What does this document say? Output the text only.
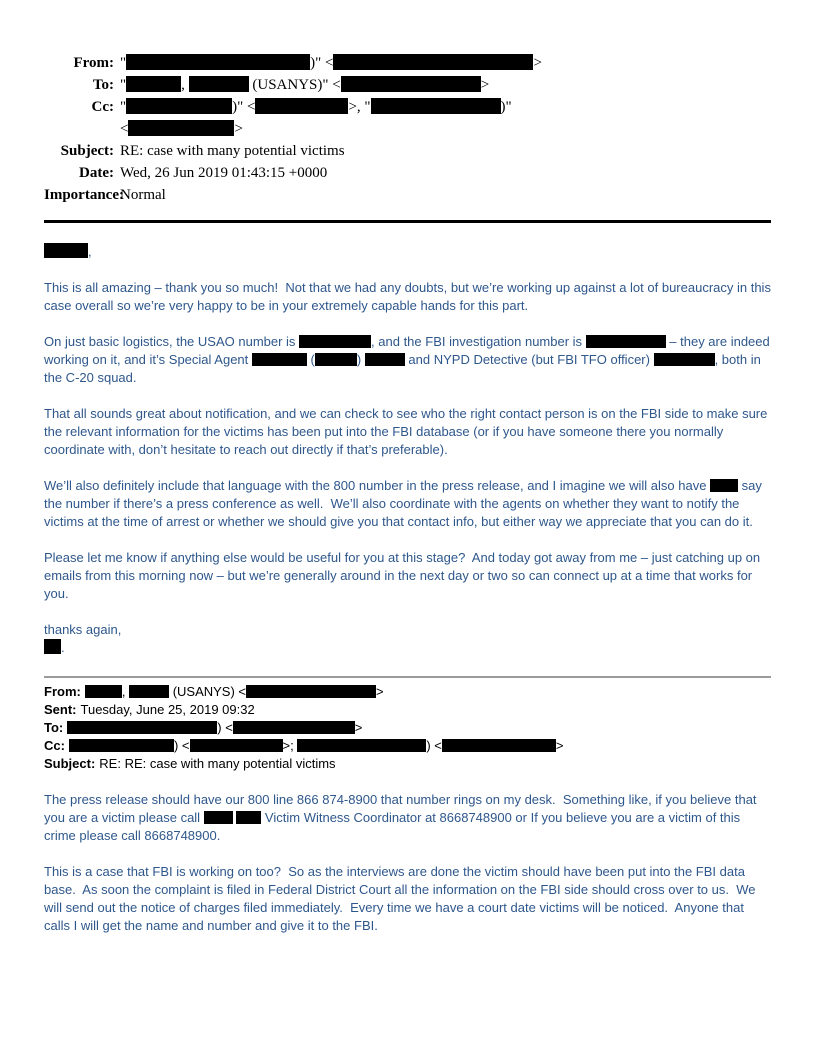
From: "	)" <	>
To: "	,	(USANYS)" <	>
Cc: "	)" <	>, "	)"
<	>
Subject: RE: case with many potential victims
Date: Wed, 26 Jun 2019 01:43:15 +0000
Importance:
Normal
,
This is all amazing – thank you so much!  Not that we had any doubts, but we’re working up against a lot of bureaucracy in this case overall so we’re very happy to be in your extremely capable hands for this part.
On just basic logistics, the USAO number is	, and the FBI investigation number is	– they are indeed working on it, and it’s Special Agent	(	)	and NYPD Detective (but FBI TFO officer)	, both in the C-20 squad.
That all sounds great about notification, and we can check to see who the right contact person is on the FBI side to make sure the relevant information for the victims has been put into the FBI database (or if you have someone there you normally coordinate with, don’t hesitate to reach out directly if that’s preferable).
We’ll also definitely include that language with the 800 number in the press release, and I imagine we will also have  say the number if there’s a press conference as well.  We’ll also coordinate with the agents on whether they want to notify the victims at the time of arrest or whether we should give you that contact info, but either way we appreciate that you can do it.
Please let me know if anything else would be useful for you at this stage?  And today got away from me – just catching up on emails from this morning now – but we’re generally around in the next day or two so can connect up at a time that works for you.
thanks again,
.
From:	,	(USANYS) <	>
Sent: Tuesday, June 25, 2019 09:32
To:	) <	>
Cc:	) <	>;	) <	>
Subject: RE: RE: case with many potential victims
The press release should have our 800 line 866 874-8900 that number rings on my desk.  Something like, if you believe that you are a victim please call	Victim Witness Coordinator at 8668748900 or If you believe you are a victim of this crime please call 8668748900.
This is a case that FBI is working on too?  So as the interviews are done the victim should have been put into the FBI data base.  As soon the complaint is filed in Federal District Court all the information on the FBI side should cross over to us.  We will send out the notice of charges filed immediately.  Every time we have a court date victims will be noticed.  Anyone that calls I will get the name and number and give it to the FBI.
